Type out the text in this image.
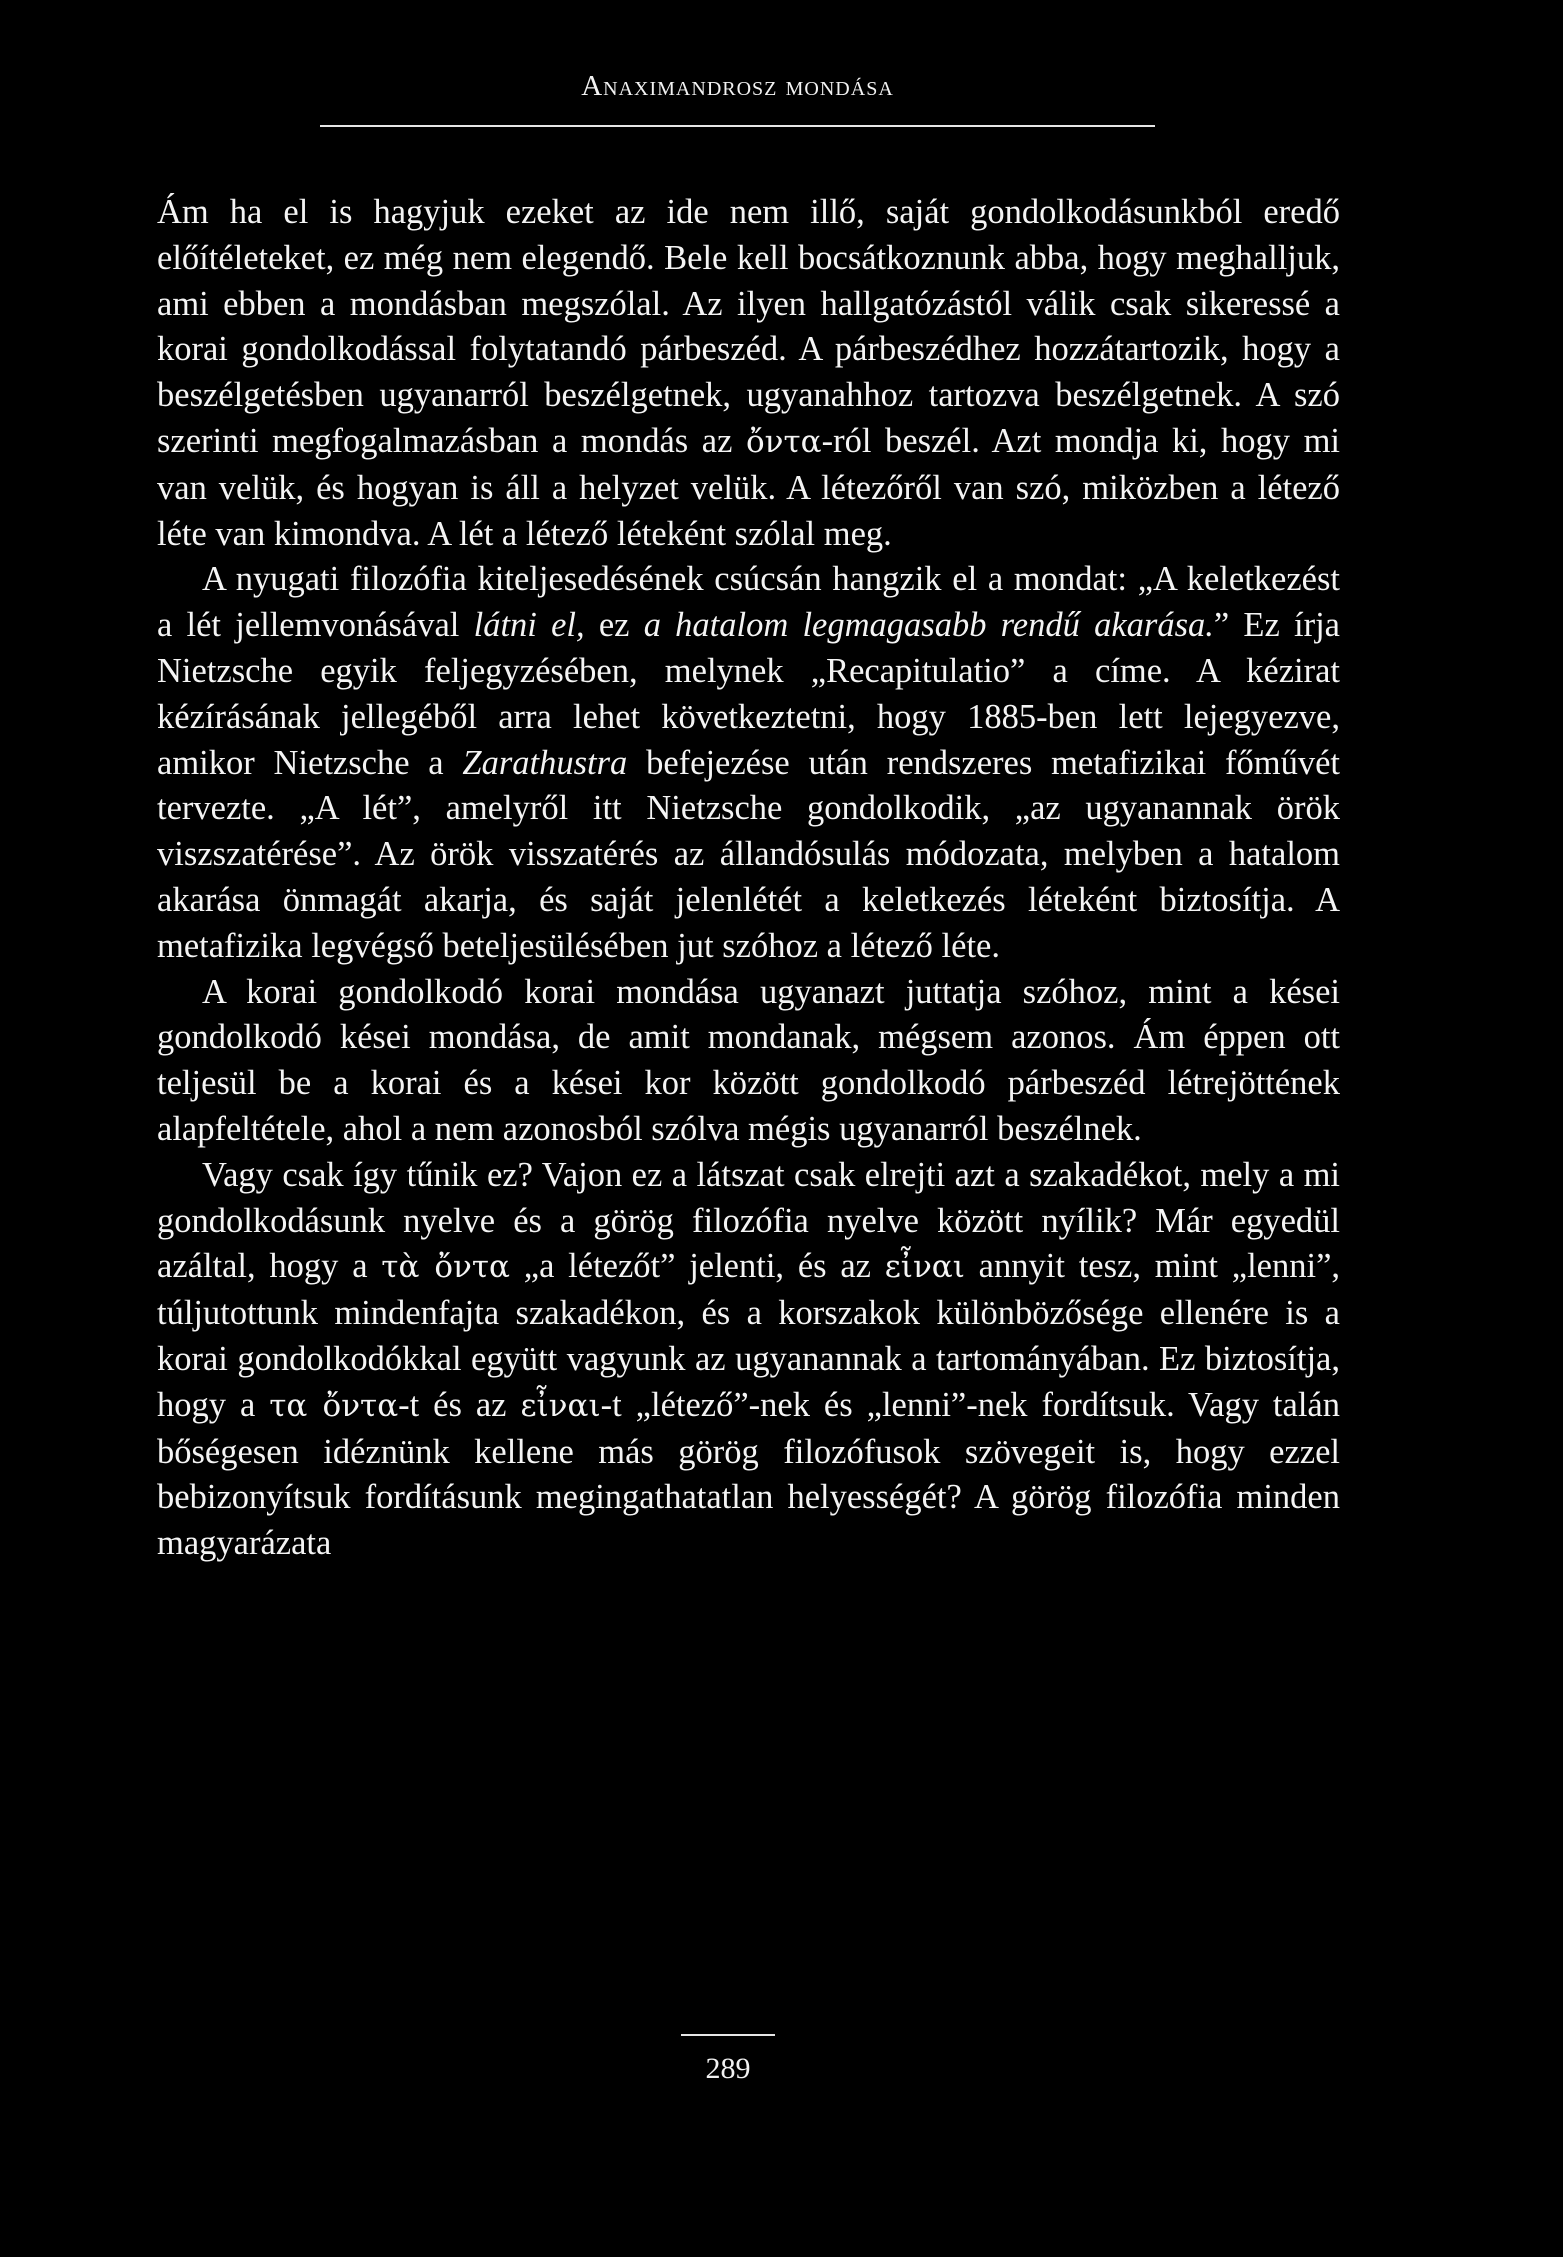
Anaximandrosz mondása

Ám ha el is hagyjuk ezeket az ide nem illő, saját gondolkodásunkból eredő előítéleteket, ez még nem elegendő. Bele kell bocsátkoznunk abba, hogy meghalljuk, ami ebben a mondásban megszólal. Az ilyen hallgatózástól válik csak sikeressé a korai gondolkodással folytatandó párbeszéd. A párbeszédhez hozzátartozik, hogy a beszélgetésben ugyanarról beszélgetnek, ugyanahhoz tartozva beszélgetnek. A szó szerinti megfogalmazásban a mondás az ὄντα-ról beszél. Azt mondja ki, hogy mi van velük, és hogyan is áll a helyzet velük. A létezőről van szó, miközben a létező léte van kimondva. A lét a létező léteként szólal meg.

A nyugati filozófia kiteljesedésének csúcsán hangzik el a mondat: „A keletkezést a lét jellemvonásával látni el, ez a hatalom legmagasabb rendű akarása.” Ez írja Nietzsche egyik feljegyzésében, melynek „Recapitulatio” a címe. A kézirat kézírásának jellegéből arra lehet következtetni, hogy 1885-ben lett lejegyezve, amikor Nietzsche a Zarathustra befejezése után rendszeres metafizikai főművét tervezte. „A lét”, amelyről itt Nietzsche gondolkodik, „az ugyanannak örök viszszatérése”. Az örök visszatérés az állandósulás módozata, melyben a hatalom akarása önmagát akarja, és saját jelenlétét a keletkezés léteként biztosítja. A metafizika legvégső beteljesülésében jut szóhoz a létező léte.

A korai gondolkodó korai mondása ugyanazt juttatja szóhoz, mint a kései gondolkodó kései mondása, de amit mondanak, mégsem azonos. Ám éppen ott teljesül be a korai és a kései kor között gondolkodó párbeszéd létrejöttének alapfeltétele, ahol a nem azonosból szólva mégis ugyanarról beszélnek.

Vagy csak így tűnik ez? Vajon ez a látszat csak elrejti azt a szakadékot, mely a mi gondolkodásunk nyelve és a görög filozófia nyelve között nyílik? Már egyedül azáltal, hogy a τὰ ὄντα „a létezőt” jelenti, és az εἶναι annyit tesz, mint „lenni”, túljutottunk mindenfajta szakadékon, és a korszakok különbözősége ellenére is a korai gondolkodókkal együtt vagyunk az ugyanannak a tartományában. Ez biztosítja, hogy a τα ὄντα-t és az εἶναι-t „létező”-nek és „lenni”-nek fordítsuk. Vagy talán bőségesen idéznünk kellene más görög filozófusok szövegeit is, hogy ezzel bebizonyítsuk fordításunk megingathatatlan helyességét? A görög filozófia minden magyarázata

289
